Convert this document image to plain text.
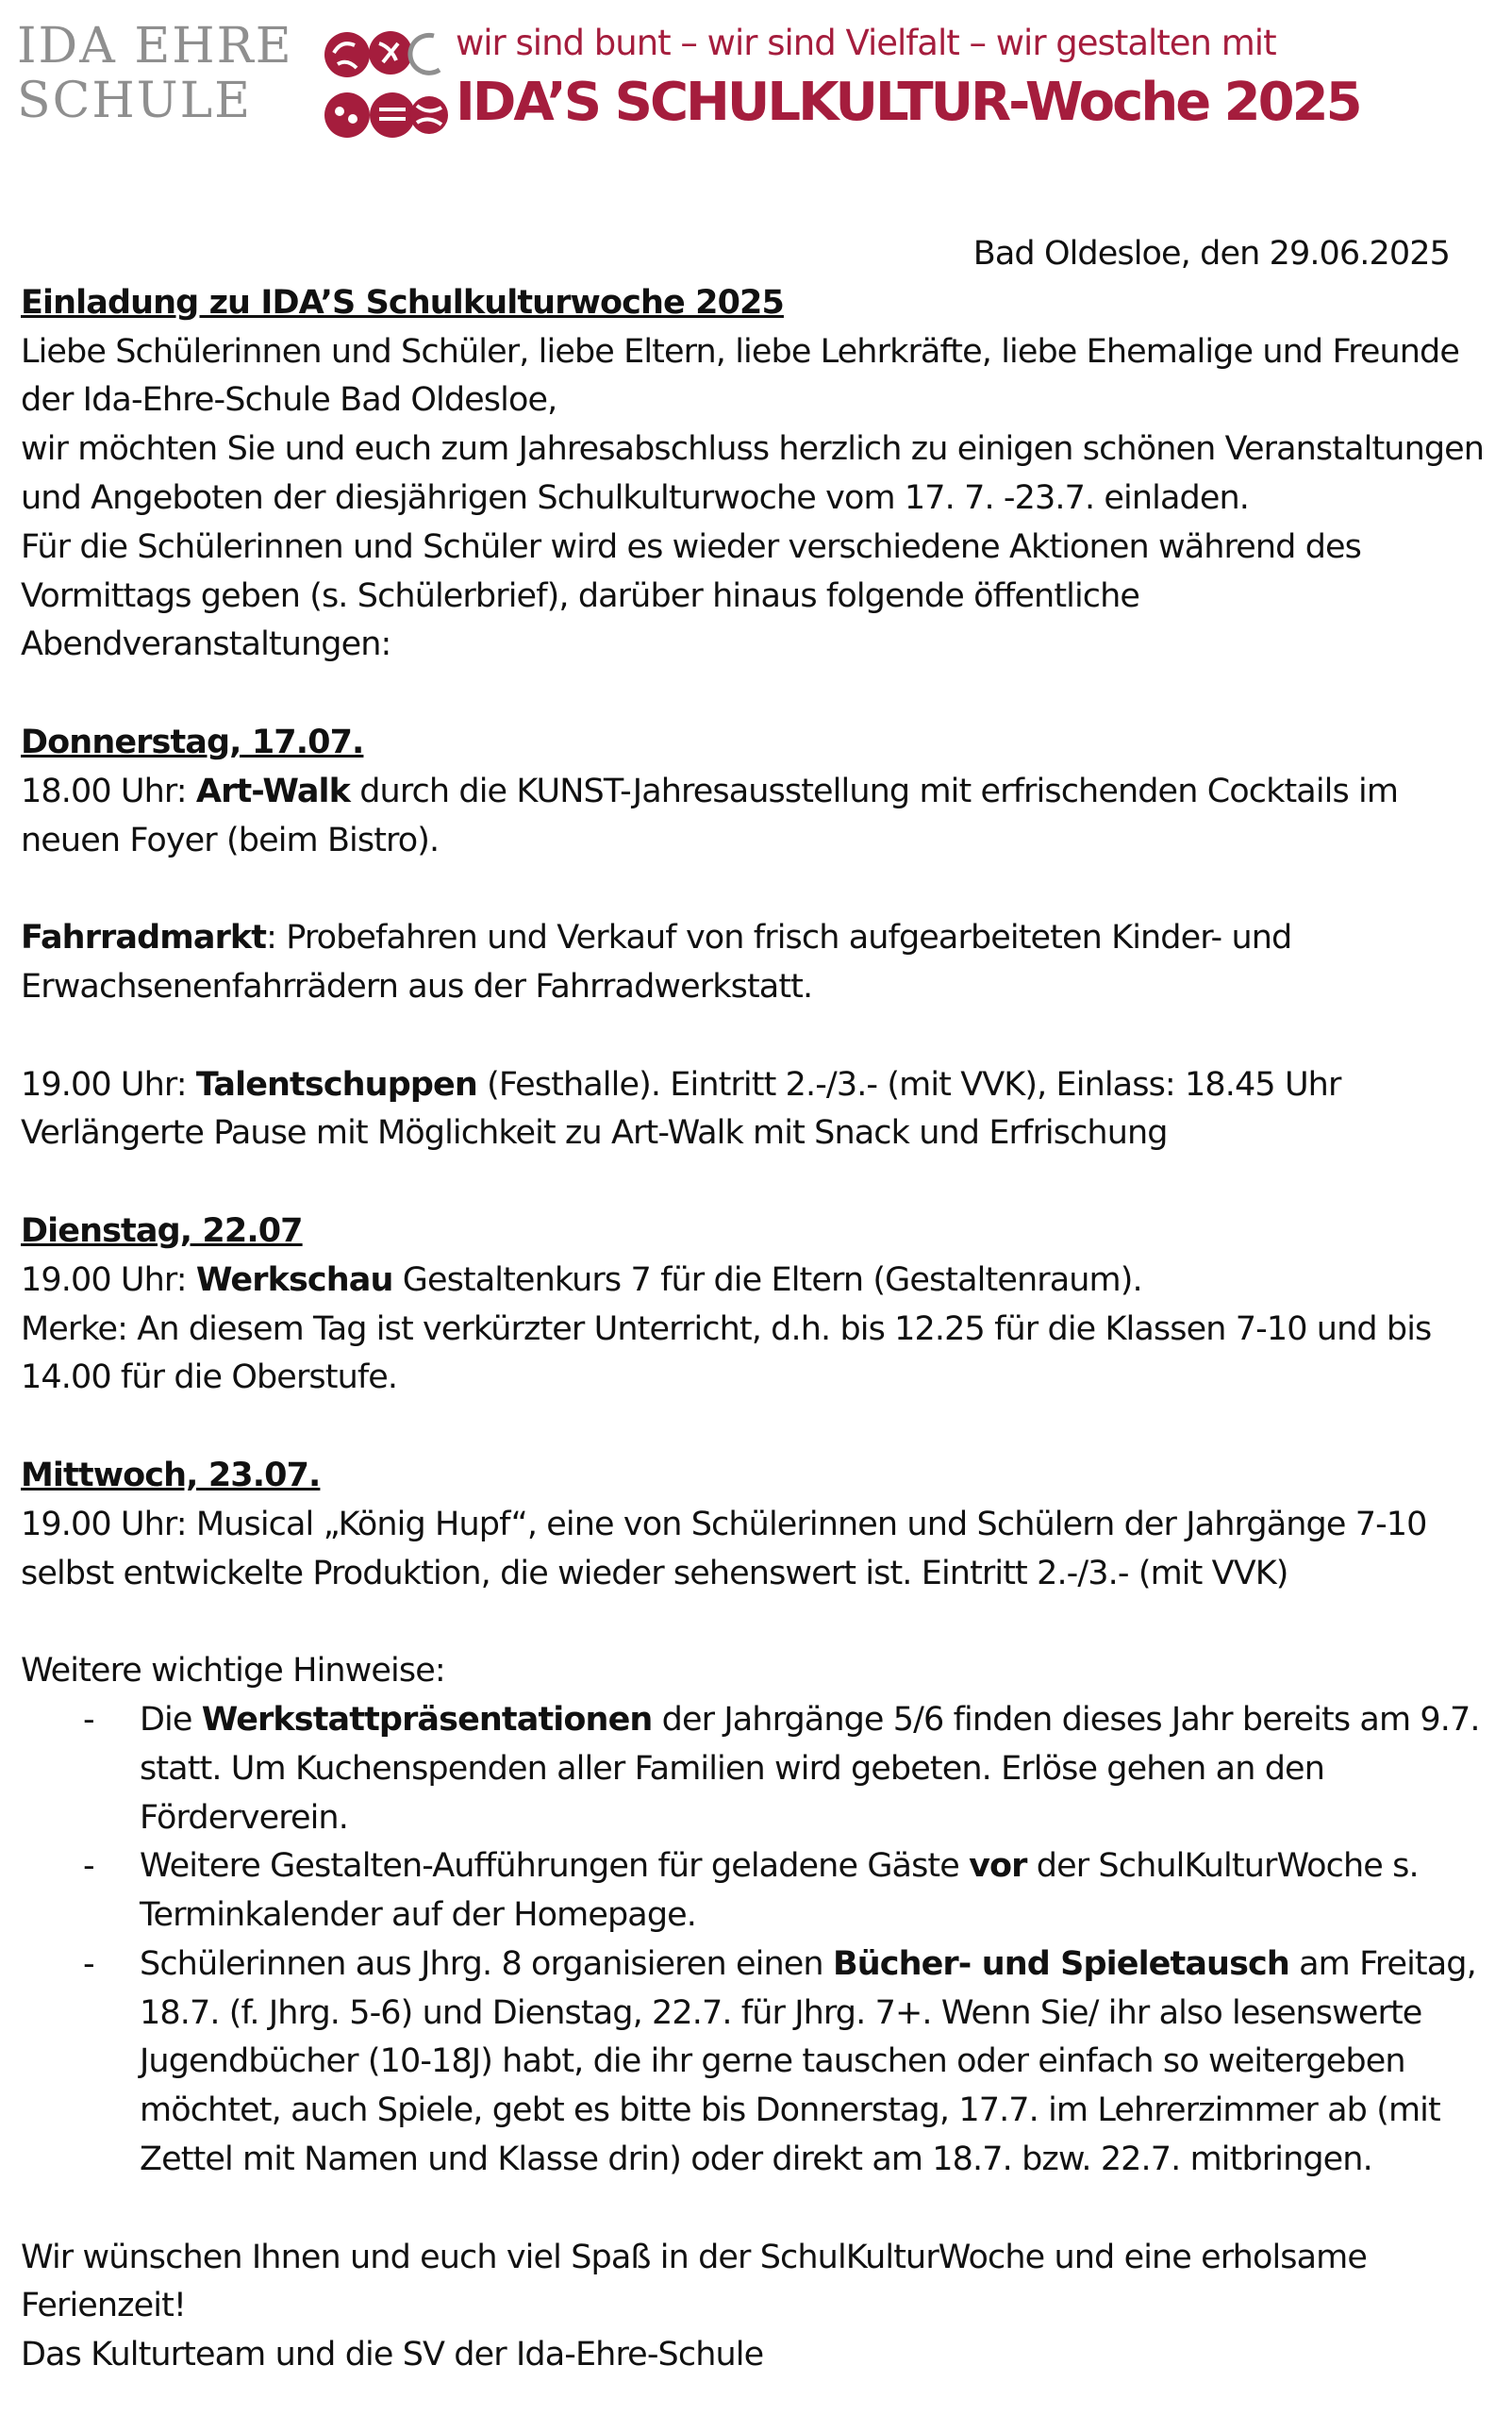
IDA EHRE
SCHULE
wir sind bunt – wir sind Vielfalt – wir gestalten mit
IDA’S SCHULKULTUR-Woche 2025

Bad Oldesloe, den 29.06.2025

Einladung zu IDA’S Schulkulturwoche 2025

Liebe Schülerinnen und Schüler, liebe Eltern, liebe Lehrkräfte, liebe Ehemalige und Freunde der Ida-Ehre-Schule Bad Oldesloe,

wir möchten Sie und euch zum Jahresabschluss herzlich zu einigen schönen Veranstaltungen und Angeboten der diesjährigen Schulkulturwoche vom 17. 7. -23.7. einladen.

Für die Schülerinnen und Schüler wird es wieder verschiedene Aktionen während des Vormittags geben (s. Schülerbrief), darüber hinaus folgende öffentliche Abendveranstaltungen:

Donnerstag, 17.07.

18.00 Uhr: Art-Walk durch die KUNST-Jahresausstellung mit erfrischenden Cocktails im neuen Foyer (beim Bistro).

Fahrradmarkt: Probefahren und Verkauf von frisch aufgearbeiteten Kinder- und Erwachsenenfahrrädern aus der Fahrradwerkstatt.

19.00 Uhr: Talentschuppen (Festhalle). Eintritt 2.-/3.- (mit VVK), Einlass: 18.45 Uhr

Verlängerte Pause mit Möglichkeit zu Art-Walk mit Snack und Erfrischung

Dienstag, 22.07

19.00 Uhr: Werkschau Gestaltenkurs 7 für die Eltern (Gestaltenraum).

Merke: An diesem Tag ist verkürzter Unterricht, d.h. bis 12.25 für die Klassen 7-10 und bis 14.00 für die Oberstufe.

Mittwoch, 23.07.

19.00 Uhr: Musical „König Hupf“, eine von Schülerinnen und Schülern der Jahrgänge 7-10 selbst entwickelte Produktion, die wieder sehenswert ist. Eintritt 2.-/3.- (mit VVK)

Weitere wichtige Hinweise:

- Die Werkstattpräsentationen der Jahrgänge 5/6 finden dieses Jahr bereits am 9.7. statt. Um Kuchenspenden aller Familien wird gebeten. Erlöse gehen an den Förderverein.
- Weitere Gestalten-Aufführungen für geladene Gäste vor der SchulKulturWoche s. Terminkalender auf der Homepage.
- Schülerinnen aus Jhrg. 8 organisieren einen Bücher- und Spieletausch am Freitag, 18.7. (f. Jhrg. 5-6) und Dienstag, 22.7. für Jhrg. 7+. Wenn Sie/ ihr also lesenswerte Jugendbücher (10-18J) habt, die ihr gerne tauschen oder einfach so weitergeben möchtet, auch Spiele, gebt es bitte bis Donnerstag, 17.7. im Lehrerzimmer ab (mit Zettel mit Namen und Klasse drin) oder direkt am 18.7. bzw. 22.7. mitbringen.

Wir wünschen Ihnen und euch viel Spaß in der SchulKulturWoche und eine erholsame Ferienzeit!

Das Kulturteam und die SV der Ida-Ehre-Schule
